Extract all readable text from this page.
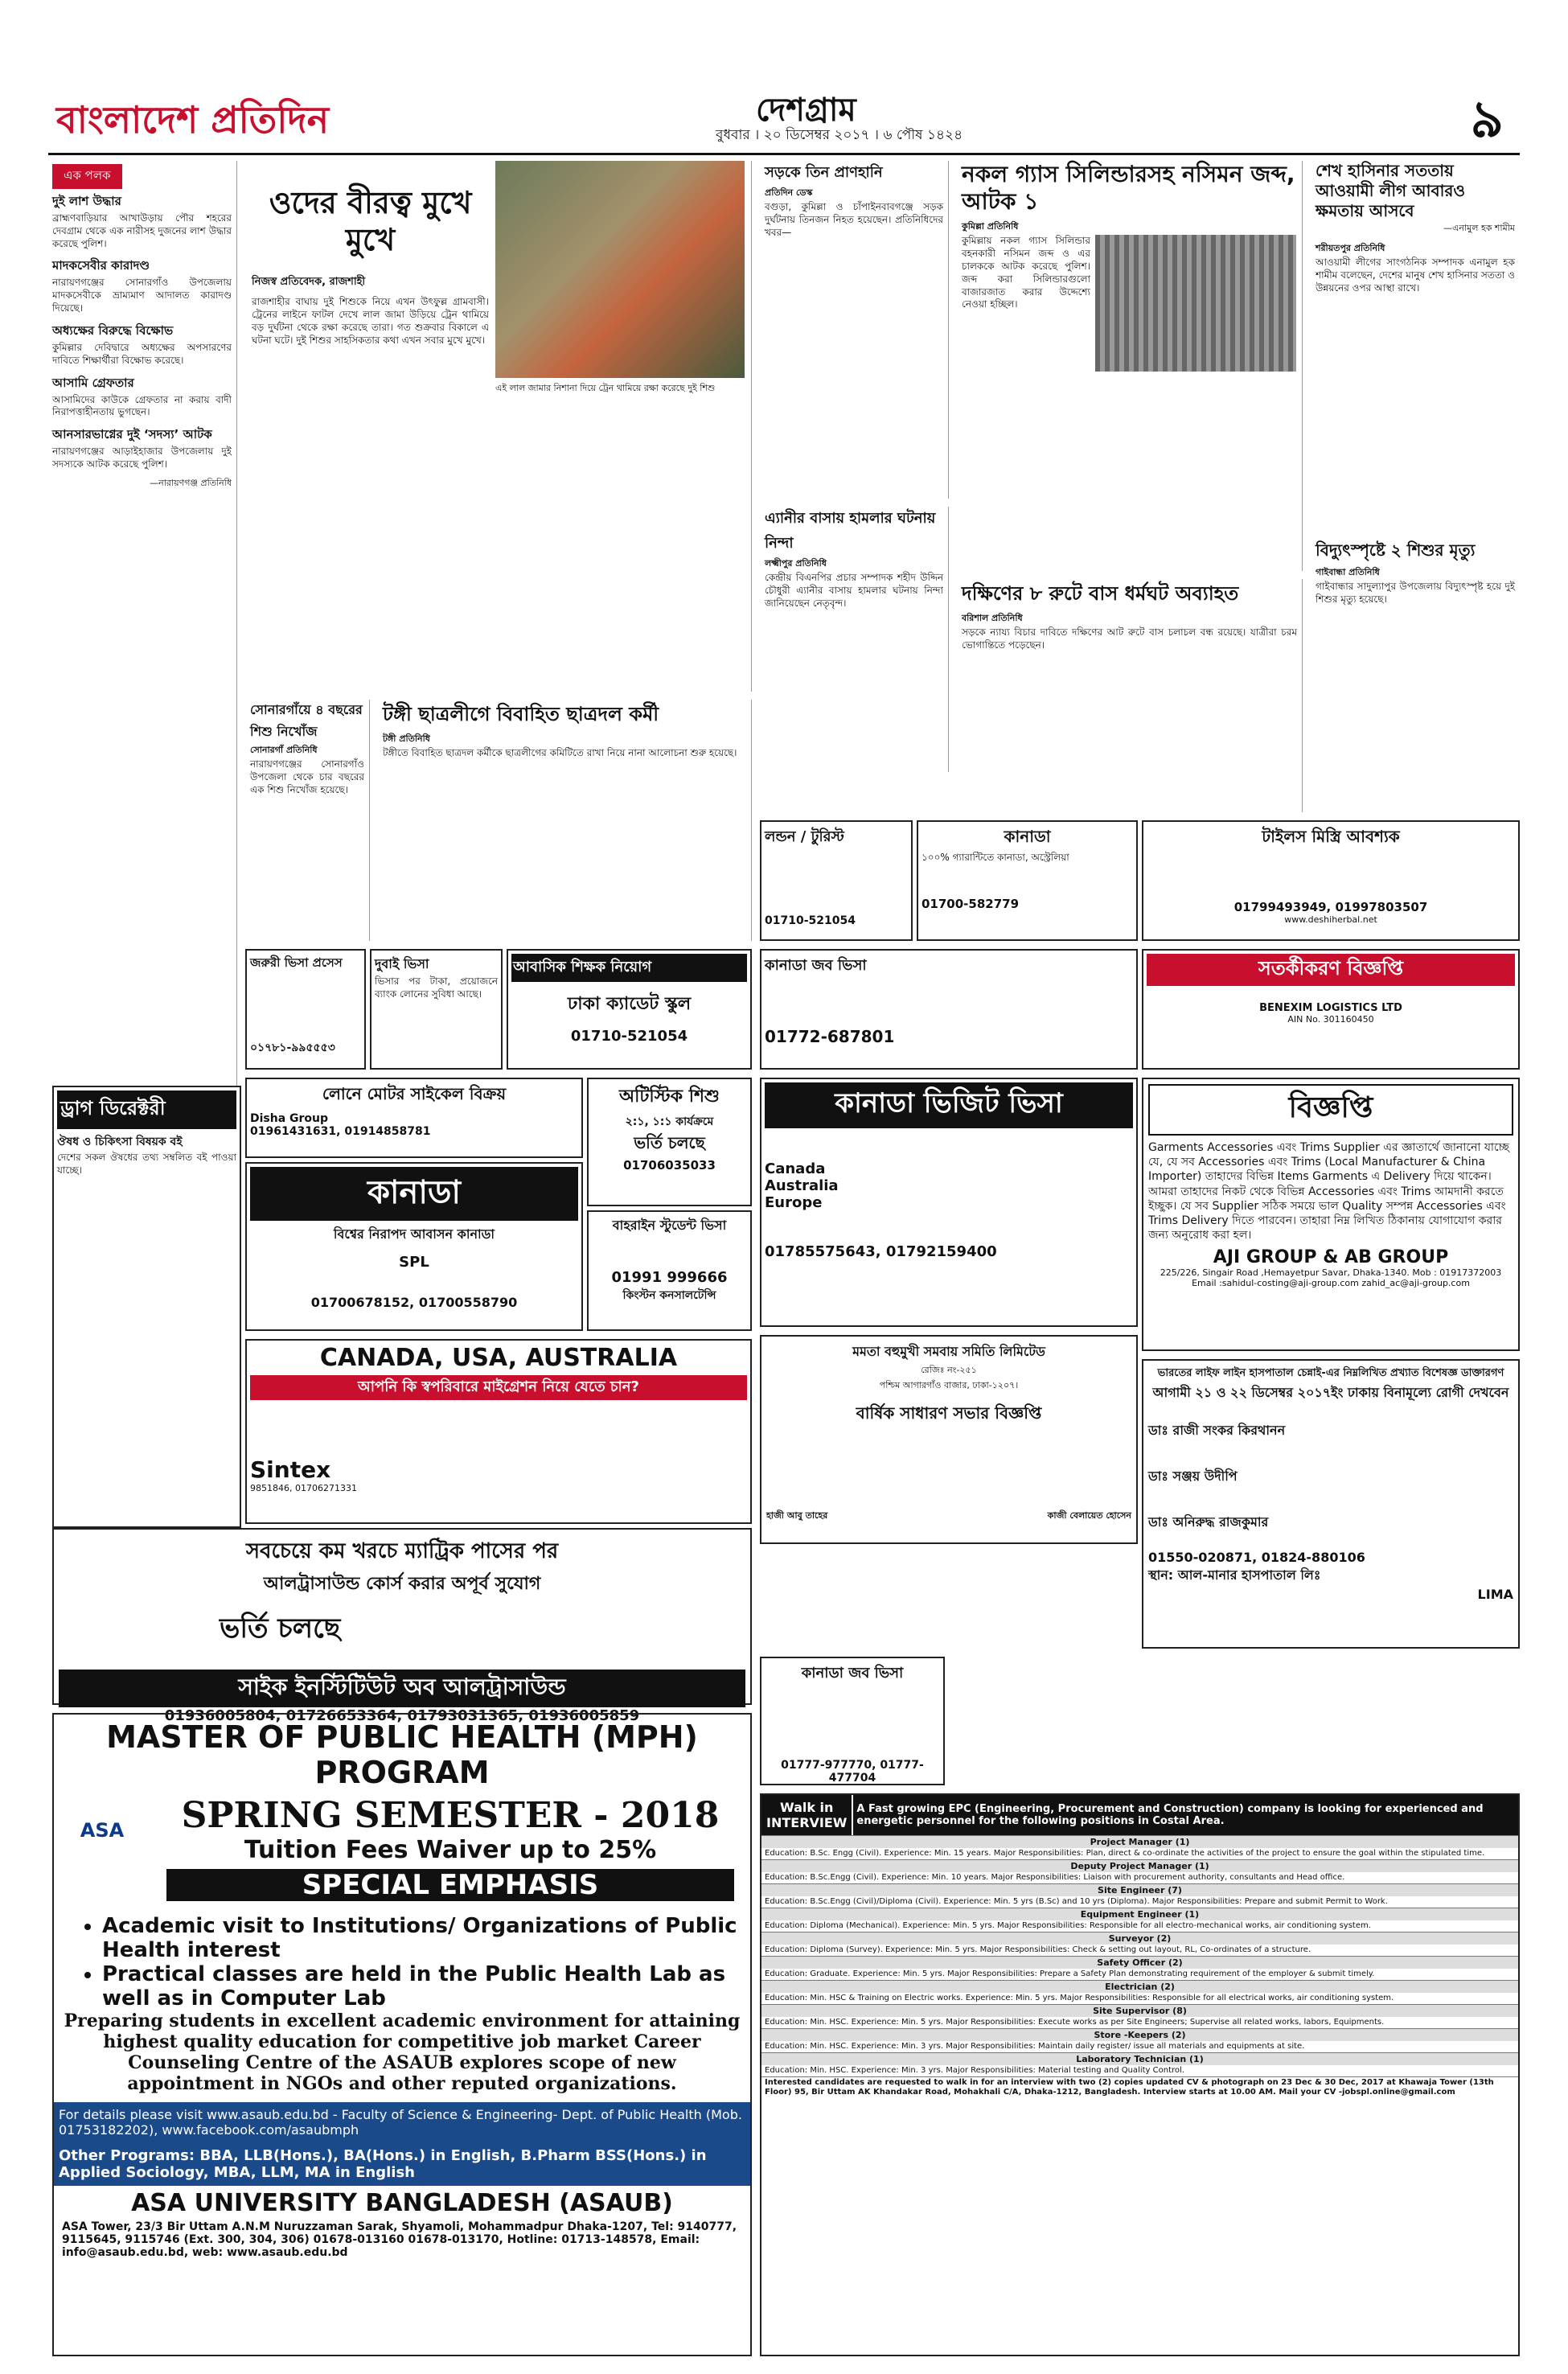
বাংলাদেশ প্রতিদিন	দেশগ্রাম
বুধবার । ২০ ডিসেম্বর ২০১৭ । ৬ পৌষ ১৪২৪	৯
এক পলক
দুই লাশ উদ্ধার
ব্রাহ্মণবাড়িয়ার আখাউড়ায় পৌর শহরের দেবগ্রাম থেকে এক নারীসহ দুজনের লাশ উদ্ধার করেছে পুলিশ।
মাদকসেবীর কারাদণ্ড
নারায়ণগঞ্জের সোনারগাঁও উপজেলায় মাদকসেবীকে ভ্রাম্যমাণ আদালত কারাদণ্ড দিয়েছে।
অধ্যক্ষের বিরুদ্ধে বিক্ষোভ
কুমিল্লার দেবিদ্বারে অধ্যক্ষের অপসারণের দাবিতে শিক্ষার্থীরা বিক্ষোভ করেছে।
আসামি গ্রেফতার
আসামিদের কাউকে গ্রেফতার না করায় বাদী নিরাপত্তাহীনতায় ভুগছেন।
আনসারভাগ্নের দুই ‘সদস্য’ আটক
নারায়ণগঞ্জের আড়াইহাজার উপজেলায় দুই সদস্যকে আটক করেছে পুলিশ।
—নারায়ণগঞ্জ প্রতিনিধি
ওদের বীরত্ব মুখে মুখে
নিজস্ব প্রতিবেদক, রাজশাহী
রাজশাহীর বাঘায় দুই শিশুকে নিয়ে এখন উৎফুল্ল গ্রামবাসী। ট্রেনের লাইনে ফাটল দেখে লাল জামা উড়িয়ে ট্রেন থামিয়ে বড় দুর্ঘটনা থেকে রক্ষা করেছে তারা। গত শুক্রবার বিকালে এ ঘটনা ঘটে। দুই শিশুর সাহসিকতার কথা এখন সবার মুখে মুখে।
এই লাল জামার নিশানা দিয়ে ট্রেন থামিয়ে রক্ষা করেছে দুই শিশু
সড়কে তিন প্রাণহানি
প্রতিদিন ডেস্ক
বগুড়া, কুমিল্লা ও চাঁপাইনবাবগঞ্জে সড়ক দুর্ঘটনায় তিনজন নিহত হয়েছেন। প্রতিনিধিদের খবর—
এ্যানীর বাসায় হামলার ঘটনায় নিন্দা
লক্ষ্মীপুর প্রতিনিধি
কেন্দ্রীয় বিএনপির প্রচার সম্পাদক শহীদ উদ্দিন চৌধুরী এ্যানীর বাসায় হামলার ঘটনায় নিন্দা জানিয়েছেন নেতৃবৃন্দ।
নকল গ্যাস সিলিন্ডারসহ নসিমন জব্দ, আটক ১
কুমিল্লা প্রতিনিধি
কুমিল্লায় নকল গ্যাস সিলিন্ডার বহনকারী নসিমন জব্দ ও এর চালককে আটক করেছে পুলিশ। জব্দ করা সিলিন্ডারগুলো বাজারজাত করার উদ্দেশ্যে নেওয়া হচ্ছিল।
দক্ষিণের ৮ রুটে বাস ধর্মঘট অব্যাহত
বরিশাল প্রতিনিধি
সড়কে ন্যায্য বিচার দাবিতে দক্ষিণের আট রুটে বাস চলাচল বন্ধ রয়েছে। যাত্রীরা চরম ভোগান্তিতে পড়েছেন।
শেখ হাসিনার সততায় আওয়ামী লীগ আবারও ক্ষমতায় আসবে
—এনামুল হক শামীম
শরীয়তপুর প্রতিনিধি
আওয়ামী লীগের সাংগঠনিক সম্পাদক এনামুল হক শামীম বলেছেন, দেশের মানুষ শেখ হাসিনার সততা ও উন্নয়নের ওপর আস্থা রাখে।
বিদ্যুৎস্পৃষ্টে ২ শিশুর মৃত্যু
গাইবান্ধা প্রতিনিধি
গাইবান্ধার সাদুল্যাপুর উপজেলায় বিদ্যুৎস্পৃষ্ট হয়ে দুই শিশুর মৃত্যু হয়েছে।
সোনারগাঁয়ে ৪ বছরের শিশু নিখোঁজ
সোনারগাঁ প্রতিনিধি
নারায়ণগঞ্জের সোনারগাঁও উপজেলা থেকে চার বছরের এক শিশু নিখোঁজ হয়েছে।
টঙ্গী ছাত্রলীগে বিবাহিত ছাত্রদল কর্মী
টঙ্গী প্রতিনিধি
টঙ্গীতে বিবাহিত ছাত্রদল কর্মীকে ছাত্রলীগের কমিটিতে রাখা নিয়ে নানা আলোচনা শুরু হয়েছে।
জরুরী ভিসা প্রসেস
০১৭৮১-৯৯৫৫৫৩
দুবাই ভিসা
ভিসার পর টাকা, প্রয়োজনে ব্যাংক লোনের সুবিধা আছে।
আবাসিক শিক্ষক নিয়োগ
ঢাকা ক্যাডেট স্কুল
01710-521054
লন্ডন / টুরিস্ট
01710-521054
কানাডা
১০০% গ্যারান্টিতে কানাডা, অস্ট্রেলিয়া
01700-582779
কানাডা জব ভিসা
01772-687801
টাইলস মিস্ত্রি আবশ্যক
01799493949, 01997803507
www.deshiherbal.net
সতর্কীকরণ বিজ্ঞপ্তি
BENEXIM LOGISTICS LTD
AIN No. 301160450
ড্রাগ ডিরেক্টরী
ঔষধ ও চিকিৎসা বিষয়ক বই
দেশের সকল ঔষধের তথ্য সম্বলিত বই পাওয়া যাচ্ছে।
লোনে মোটর সাইকেল বিক্রয়
Disha Group
01961431631, 01914858781
অটিস্টিক শিশু
২:১, ১:১ কার্যক্রমে
ভর্তি চলছে
01706035033
কানাডা
বিশ্বের নিরাপদ আবাসন কানাডা
SPL
01700678152, 01700558790
বাহরাইন স্টুডেন্ট ভিসা
01991 999666
কিংস্টন কনসালটেন্সি
কানাডা ভিজিট ভিসা
Canada
Australia
Europe
01785575643, 01792159400
বিজ্ঞপ্তি
Garments Accessories এবং Trims Supplier এর জ্ঞাতার্থে জানানো যাচ্ছে যে, যে সব Accessories এবং Trims (Local Manufacturer & China Importer) তাহাদের বিভিন্ন Items Garments এ Delivery দিয়ে থাকেন। আমরা তাহাদের নিকট থেকে বিভিন্ন Accessories এবং Trims আমদানী করতে ইচ্ছুক। যে সব Supplier সঠিক সময়ে ভাল Quality সম্পন্ন Accessories এবং Trims Delivery দিতে পারবেন। তাহারা নিম্ন লিখিত ঠিকানায় যোগাযোগ করার জন্য অনুরোধ করা হল।
AJI GROUP & AB GROUP
225/226, Singair Road ,Hemayetpur Savar, Dhaka-1340. Mob : 01917372003
Email :sahidul-costing@aji-group.com zahid_ac@aji-group.com
CANADA, USA, AUSTRALIA
আপনি কি স্বপরিবারে মাইগ্রেশন নিয়ে যেতে চান?
Sintex
9851846, 01706271331
মমতা বহুমুখী সমবায় সমিতি লিমিটেড
রেজিঃ নং-২৫১
পশ্চিম আগারগাঁও বাজার, ঢাকা-১২০৭।
বার্ষিক সাধারণ সভার বিজ্ঞপ্তি
হাজী আবু তাহের	কাজী বেলায়েত হোসেন
ভারতের লাইফ লাইন হাসপাতাল চেন্নাই-এর নিম্নলিখিত প্রখ্যাত বিশেষজ্ঞ ডাক্তারগণ
আগামী ২১ ও ২২ ডিসেম্বর ২০১৭ইং ঢাকায় বিনামূল্যে রোগী দেখবেন
ডাঃ রাজী সংকর কিরথানন
ডাঃ সঞ্জয় উদীপি
ডাঃ অনিরুদ্ধ রাজকুমার
01550-020871, 01824-880106
স্থান: আল-মানার হাসপাতাল লিঃ
LIMA
সবচেয়ে কম খরচে ম্যাট্রিক পাসের পর
আলট্রাসাউন্ড কোর্স করার অপূর্ব সুযোগ
ভর্তি চলছে
সাইক ইনস্টিটিউট অব আলট্রাসাউন্ড
01936005804, 01726653364, 01793031365, 01936005859
কানাডা জব ভিসা
01777-977770, 01777-477704
MASTER OF PUBLIC HEALTH (MPH) PROGRAM
ASA	SPRING SEMESTER - 2018
Tuition Fees Waiver up to 25%
SPECIAL EMPHASIS
• Academic visit to Institutions/ Organizations of Public Health interest
• Practical classes are held in the Public Health Lab as well as in Computer Lab
Preparing students in excellent academic environment for attaining highest quality education for competitive job market Career Counseling Centre of the ASAUB explores scope of new appointment in NGOs and other reputed organizations.
For details please visit www.asaub.edu.bd - Faculty of Science & Engineering- Dept. of Public Health (Mob. 01753182202), www.facebook.com/asaubmph
Other Programs: BBA, LLB(Hons.), BA(Hons.) in English, B.Pharm BSS(Hons.) in Applied Sociology, MBA, LLM, MA in English
ASA UNIVERSITY BANGLADESH (ASAUB)
ASA Tower, 23/3 Bir Uttam A.N.M Nuruzzaman Sarak, Shyamoli, Mohammadpur Dhaka-1207, Tel: 9140777, 9115645, 9115746 (Ext. 300, 304, 306) 01678-013160 01678-013170, Hotline: 01713-148578, Email: info@asaub.edu.bd, web: www.asaub.edu.bd
Walk in INTERVIEW
A Fast growing EPC (Engineering, Procurement and Construction) company is looking for experienced and energetic personnel for the following positions in Costal Area.
Project Manager (1)
Education: B.Sc. Engg (Civil). Experience: Min. 15 years. Major Responsibilities: Plan, direct & co-ordinate the activities of the project to ensure the goal within the stipulated time.
Deputy Project Manager (1)
Education: B.Sc.Engg (Civil). Experience: Min. 10 years. Major Responsibilities: Liaison with procurement authority, consultants and Head office.
Site Engineer (7)
Education: B.Sc.Engg (Civil)/Diploma (Civil). Experience: Min. 5 yrs (B.Sc) and 10 yrs (Diploma). Major Responsibilities: Prepare and submit Permit to Work.
Equipment Engineer (1)
Education: Diploma (Mechanical). Experience: Min. 5 yrs. Major Responsibilities: Responsible for all electro-mechanical works, air conditioning system.
Surveyor (2)
Education: Diploma (Survey). Experience: Min. 5 yrs. Major Responsibilities: Check & setting out layout, RL, Co-ordinates of a structure.
Safety Officer (2)
Education: Graduate. Experience: Min. 5 yrs. Major Responsibilities: Prepare a Safety Plan demonstrating requirement of the employer & submit timely.
Electrician (2)
Education: Min. HSC & Training on Electric works. Experience: Min. 5 yrs. Major Responsibilities: Responsible for all electrical works, air conditioning system.
Site Supervisor (8)
Education: Min. HSC. Experience: Min. 5 yrs. Major Responsibilities: Execute works as per Site Engineers; Supervise all related works, labors, Equipments.
Store -Keepers (2)
Education: Min. HSC. Experience: Min. 3 yrs. Major Responsibilities: Maintain daily register/ issue all materials and equipments at site.
Laboratory Technician (1)
Education: Min. HSC. Experience: Min. 3 yrs. Major Responsibilities: Material testing and Quality Control.
Interested candidates are requested to walk in for an interview with two (2) copies updated CV & photograph on 23 Dec & 30 Dec, 2017 at Khawaja Tower (13th Floor) 95, Bir Uttam AK Khandakar Road, Mohakhali C/A, Dhaka-1212, Bangladesh. Interview starts at 10.00 AM. Mail your CV -jobspl.online@gmail.com
